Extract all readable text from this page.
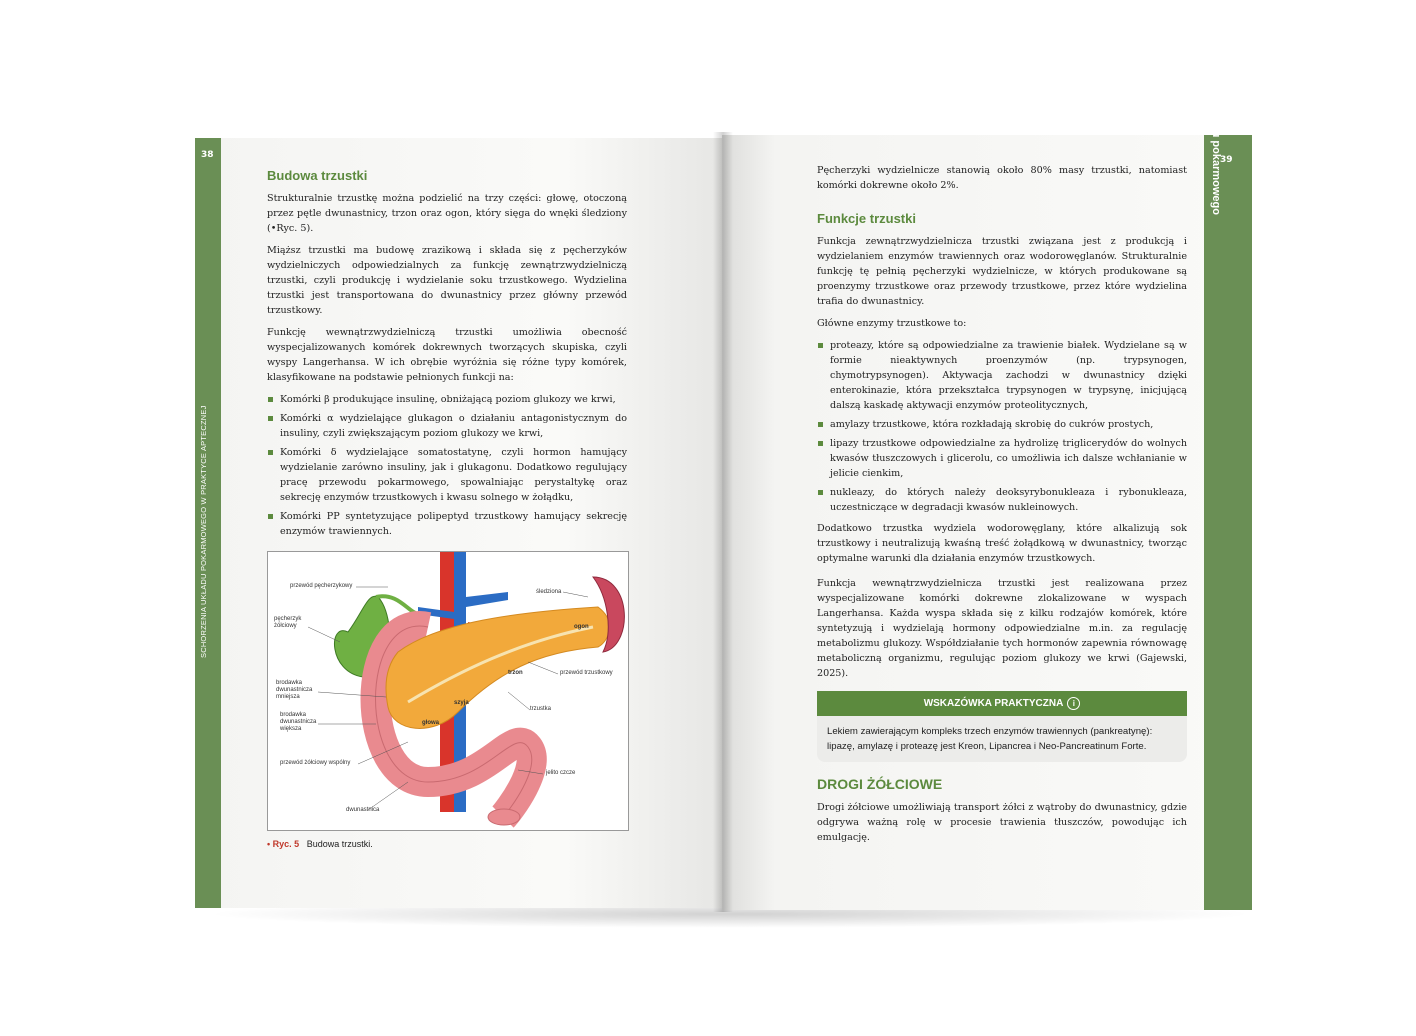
38
SCHORZENIA UKŁADU POKARMOWEGO W PRAKTYCE APTECZNEJ
Budowa trzustki

Strukturalnie trzustkę można podzielić na trzy części: głowę, otoczoną przez pętle dwunastnicy, trzon oraz ogon, który sięga do wnęki śledziony (•Ryc. 5).

Miąższ trzustki ma budowę zrazikową i składa się z pęcherzyków wydzielniczych odpowiedzialnych za funkcję zewnątrzwydzielniczą trzustki, czyli produkcję i wydzielanie soku trzustkowego. Wydzielina trzustki jest transportowana do dwunastnicy przez główny przewód trzustkowy.

Funkcję wewnątrzwydzielniczą trzustki umożliwia obecność wyspecjalizowanych komórek dokrewnych tworzących skupiska, czyli wyspy Langerhansa. W ich obrębie wyróżnia się różne typy komórek, klasyfikowane na podstawie pełnionych funkcji na:

Komórki β produkujące insulinę, obniżającą poziom glukozy we krwi,
Komórki α wydzielające glukagon o działaniu antagonistycznym do insuliny, czyli zwiększającym poziom glukozy we krwi,
Komórki δ wydzielające somatostatynę, czyli hormon hamujący wydzielanie zarówno insuliny, jak i glukagonu. Dodatkowo regulujący pracę przewodu pokarmowego, spowalniając perystaltykę oraz sekrecję enzymów trzustkowych i kwasu solnego w żołądku,
Komórki PP syntetyzujące polipeptyd trzustkowy hamujący sekrecję enzymów trawiennych.
przewód pęcherzykowy
pęcherzyk żółciowy
brodawka dwunastnicza mniejsza
brodawka dwunastnicza większa
przewód żółciowy wspólny
dwunastnica
śledziona
ogon
trzon	przewód trzustkowy
trzustka
szyja
głowa
jelito czcze
• Ryc. 5 Budowa trzustki.
39
Fizjologia układu pokarmowego

Pęcherzyki wydzielnicze stanowią około 80% masy trzustki, natomiast komórki dokrewne około 2%.

Funkcje trzustki

Funkcja zewnątrzwydzielnicza trzustki związana jest z produkcją i wydzielaniem enzymów trawiennych oraz wodorowęglanów. Strukturalnie funkcję tę pełnią pęcherzyki wydzielnicze, w których produkowane są proenzymy trzustkowe oraz przewody trzustkowe, przez które wydzielina trafia do dwunastnicy.

Główne enzymy trzustkowe to:

proteazy, które są odpowiedzialne za trawienie białek. Wydzielane są w formie nieaktywnych proenzymów (np. trypsynogen, chymotrypsynogen). Aktywacja zachodzi w dwunastnicy dzięki enterokinazie, która przekształca trypsynogen w trypsynę, inicjującą dalszą kaskadę aktywacji enzymów proteolitycznych,
amylazy trzustkowe, która rozkładają skrobię do cukrów prostych,
lipazy trzustkowe odpowiedzialne za hydrolizę triglicerydów do wolnych kwasów tłuszczowych i glicerolu, co umożliwia ich dalsze wchłanianie w jelicie cienkim,
nukleazy, do których należy deoksyrybonukleaza i rybonukleaza, uczestniczące w degradacji kwasów nukleinowych.

Dodatkowo trzustka wydziela wodorowęglany, które alkalizują sok trzustkowy i neutralizują kwaśną treść żołądkową w dwunastnicy, tworząc optymalne warunki dla działania enzymów trzustkowych.

Funkcja wewnątrzwydzielnicza trzustki jest realizowana przez wyspecjalizowane komórki dokrewne zlokalizowane w wyspach Langerhansa. Każda wyspa składa się z kilku rodzajów komórek, które syntetyzują i wydzielają hormony odpowiedzialne m.in. za regulację metabolizmu glukozy. Współdziałanie tych hormonów zapewnia równowagę metaboliczną organizmu, regulując poziom glukozy we krwi (Gajewski, 2025).

WSKAZÓWKA PRAKTYCZNA i
Lekiem zawierającym kompleks trzech enzymów trawiennych (pankreatynę): lipazę, amylazę i proteazę jest Kreon, Lipancrea i Neo-Pancreatinum Forte.
DROGI ŻÓŁCIOWE

Drogi żółciowe umożliwiają transport żółci z wątroby do dwunastnicy, gdzie odgrywa ważną rolę w procesie trawienia tłuszczów, powodując ich emulgację.
